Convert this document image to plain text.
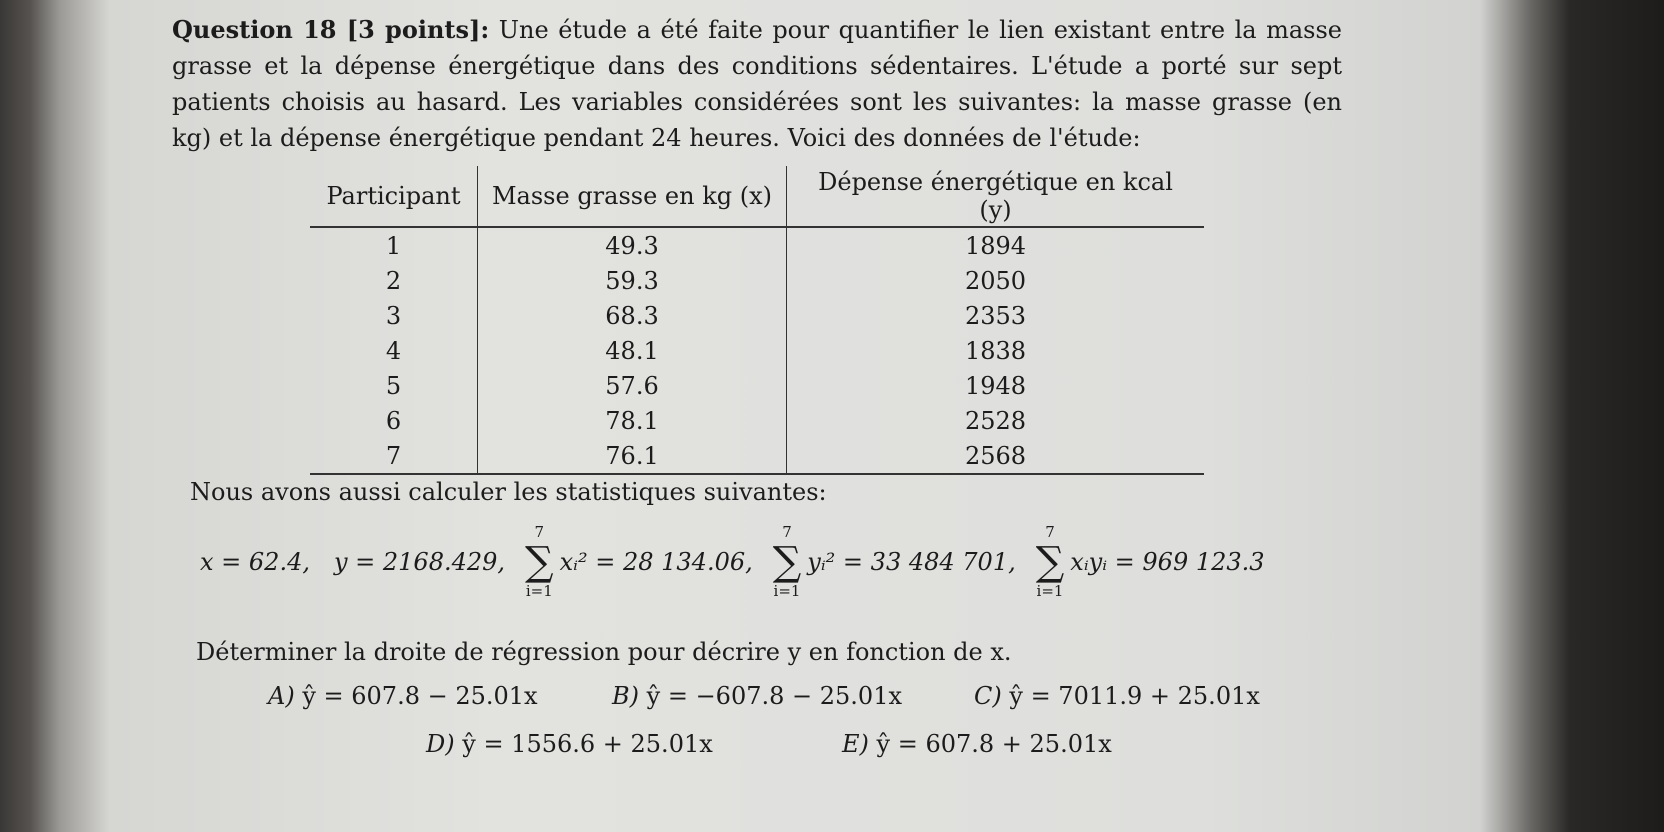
Question 18 [3 points]: Une étude a été faite pour quantifier le lien existant entre la masse grasse et la dépense énergétique dans des conditions sédentaires. L'étude a porté sur sept patients choisis au hasard. Les variables considérées sont les suivantes: la masse grasse (en kg) et la dépense énergétique pendant 24 heures. Voici des données de l'étude:
Participant	Masse grasse en kg (x)	Dépense énergétique en kcal (y)
1	49.3	1894
2	59.3	2050
3	68.3	2353
4	48.1	1838
5	57.6	1948
6	78.1	2528
7	76.1	2568
Nous avons aussi calculer les statistiques suivantes:
x = 62.4, y = 2168.429,
7
∑
i=1
xᵢ² = 28 134.06,
7
∑
i=1
yᵢ² = 33 484 701,
7
∑
i=1
xᵢyᵢ = 969 123.3
Déterminer la droite de régression pour décrire y en fonction de x.
A) ŷ = 607.8 − 25.01x	B) ŷ = −607.8 − 25.01x	C) ŷ = 7011.9 + 25.01x
D) ŷ = 1556.6 + 25.01x	E) ŷ = 607.8 + 25.01x
